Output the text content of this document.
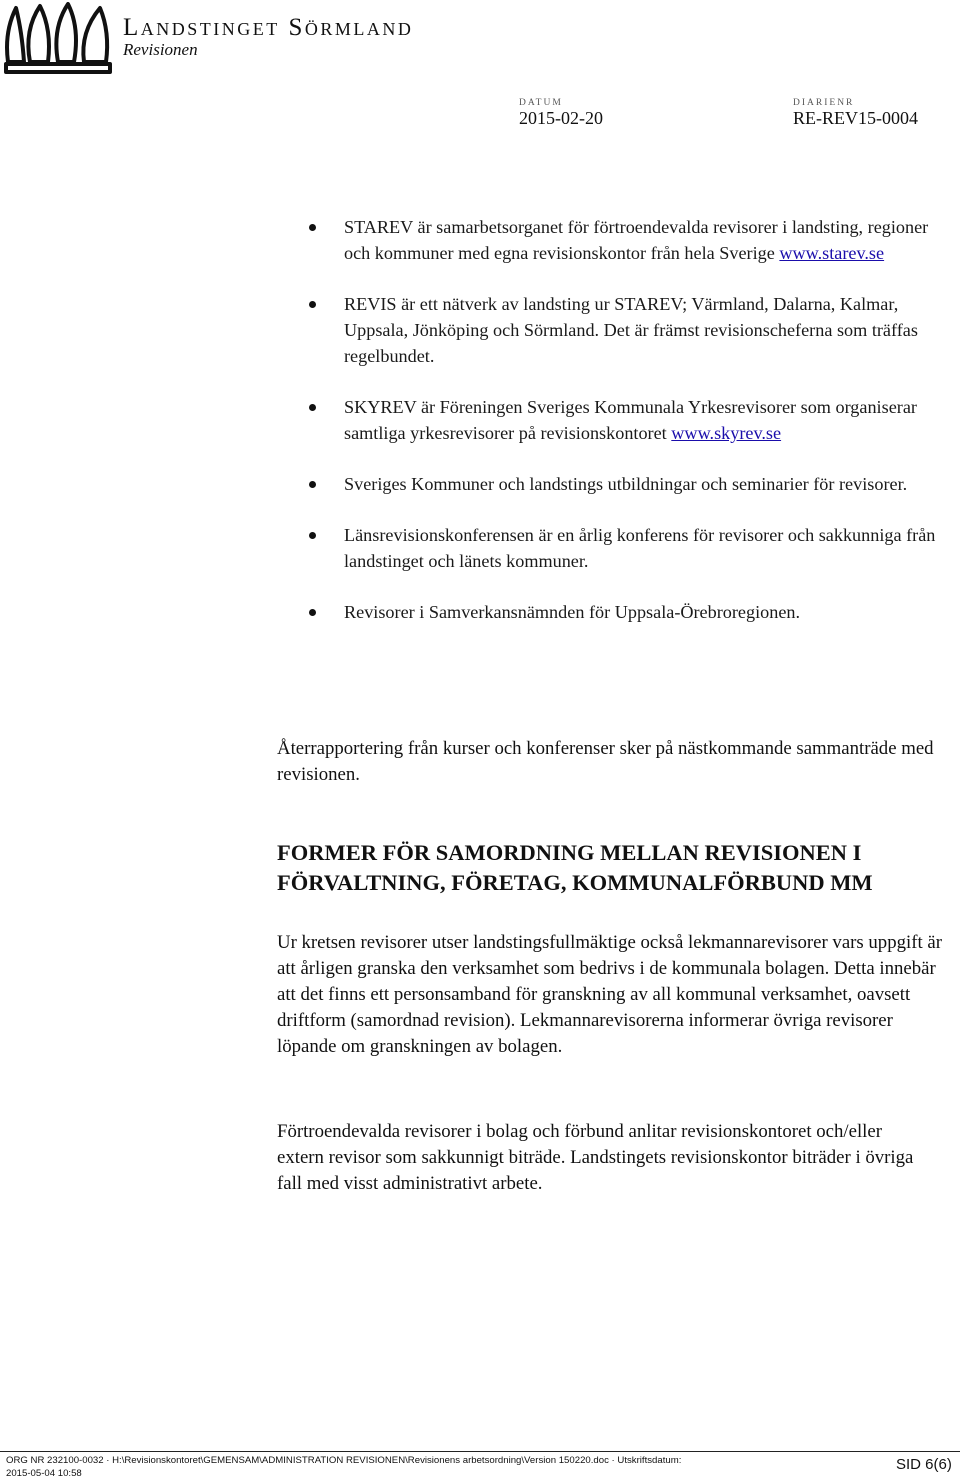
Landstinget Sörmland
Revisionen
DATUM
2015-02-20
DIARIENR
RE-REV15-0004
STAREV är samarbetsorganet för förtroendevalda revisorer i landsting, regioner och kommuner med egna revisionskontor från hela Sverige www.starev.se
REVIS är ett nätverk av landsting ur STAREV; Värmland, Dalarna, Kalmar, Uppsala, Jönköping och Sörmland. Det är främst revisionscheferna som träffas regelbundet.
SKYREV är Föreningen Sveriges Kommunala Yrkesrevisorer som organiserar samtliga yrkesrevisorer på revisionskontoret www.skyrev.se
Sveriges Kommuner och landstings utbildningar och seminarier för revisorer.
Länsrevisionskonferensen är en årlig konferens för revisorer och sakkunniga från landstinget och länets kommuner.
Revisorer i Samverkansnämnden för Uppsala-Örebroregionen.
Återrapportering från kurser och konferenser sker på nästkommande sammanträde med revisionen.
FORMER FÖR SAMORDNING MELLAN REVISIONEN I
FÖRVALTNING, FÖRETAG, KOMMUNALFÖRBUND MM
Ur kretsen revisorer utser landstingsfullmäktige också lekmannarevisorer vars uppgift är att årligen granska den verksamhet som bedrivs i de kommunala bolagen. Detta innebär att det finns ett personsamband för granskning av all kommunal verksamhet, oavsett driftform (samordnad revision). Lekmannarevisorerna informerar övriga revisorer löpande om granskningen av bolagen.
Förtroendevalda revisorer i bolag och förbund anlitar revisionskontoret och/eller extern revisor som sakkunnigt biträde. Landstingets revisionskontor biträder i övriga fall med visst administrativt arbete.
ORG NR 232100-0032 · H:\Revisionskontoret\GEMENSAM\ADMINISTRATION REVISIONEN\Revisionens arbetsordning\Version 150220.doc · Utskriftsdatum: 2015-05-04 10:58
SID 6(6)
